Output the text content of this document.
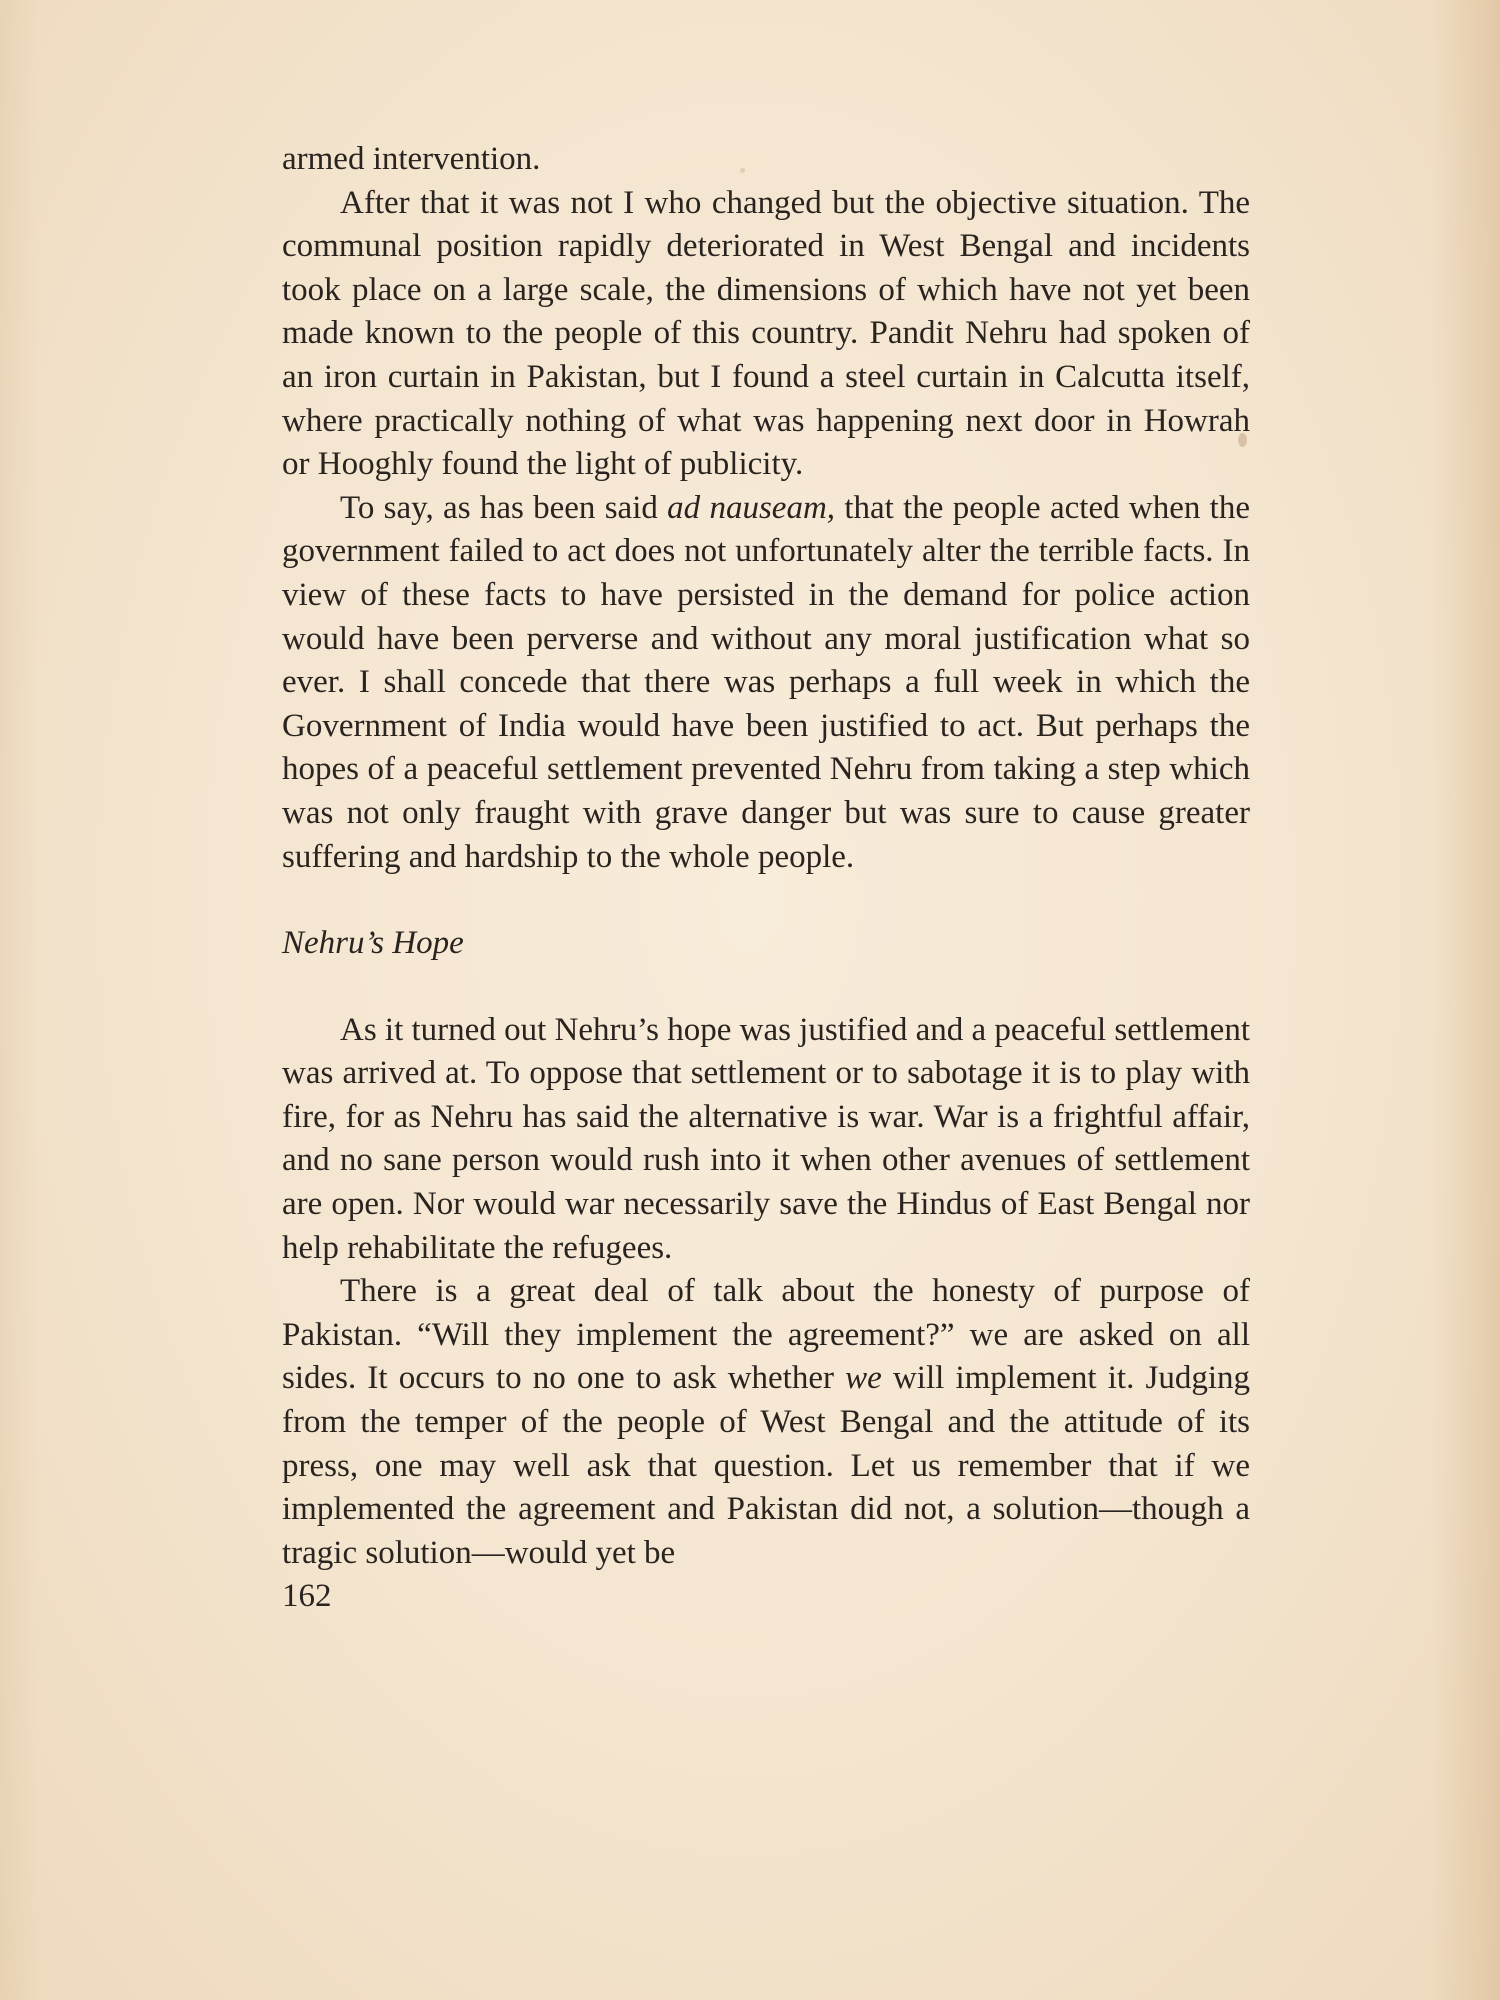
armed intervention.

After that it was not I who changed but the objective situation. The communal position rapidly deteriorated in West Bengal and incidents took place on a large scale, the dimensions of which have not yet been made known to the people of this country. Pandit Nehru had spoken of an iron curtain in Pakistan, but I found a steel curtain in Calcutta itself, where practically nothing of what was happening next door in Howrah or Hooghly found the light of publicity.

To say, as has been said ad nauseam, that the people acted when the government failed to act does not unfortunately alter the terrible facts. In view of these facts to have persisted in the demand for police action would have been perverse and without any moral justification what so ever. I shall concede that there was perhaps a full week in which the Government of India would have been justified to act. But perhaps the hopes of a peaceful settlement prevented Nehru from taking a step which was not only fraught with grave danger but was sure to cause greater suffering and hardship to the whole people.

Nehru’s Hope

As it turned out Nehru’s hope was justified and a peaceful settlement was arrived at. To oppose that settlement or to sabotage it is to play with fire, for as Nehru has said the alternative is war. War is a frightful affair, and no sane person would rush into it when other avenues of settlement are open. Nor would war necessarily save the Hindus of East Bengal nor help rehabilitate the refugees.

There is a great deal of talk about the honesty of purpose of Pakistan. “Will they implement the agreement?” we are asked on all sides. It occurs to no one to ask whether we will implement it. Judging from the temper of the people of West Bengal and the attitude of its press, one may well ask that question. Let us remember that if we implemented the agreement and Pakistan did not, a solution—though a tragic solution—would yet be

162
